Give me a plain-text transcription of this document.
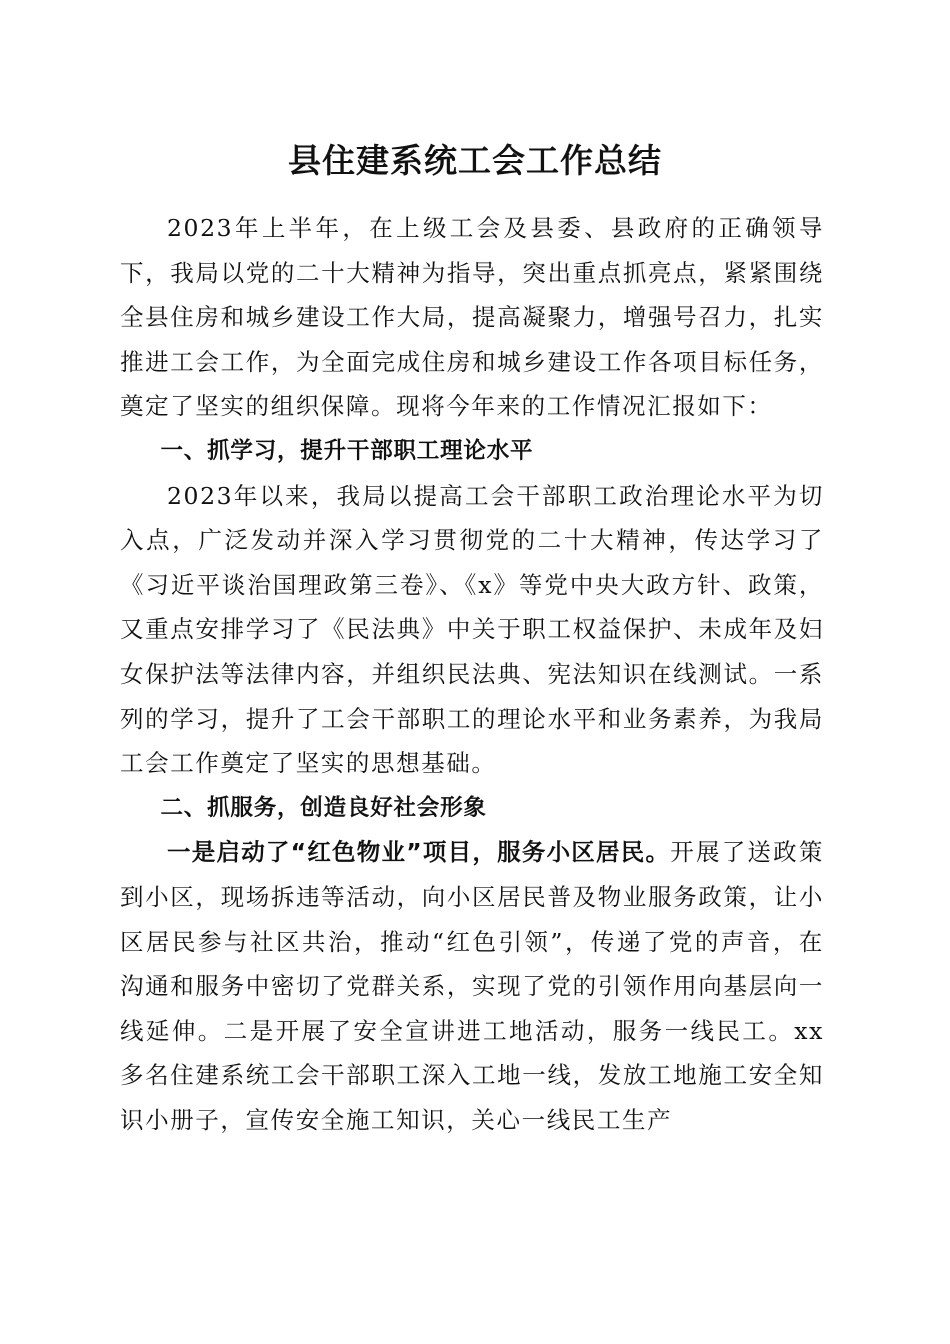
县住建系统工会工作总结

2023年上半年，在上级工会及县委、县政府的正确领导下，我局以党的二十大精神为指导，突出重点抓亮点，紧紧围绕全县住房和城乡建设工作大局，提高凝聚力，增强号召力，扎实推进工会工作，为全面完成住房和城乡建设工作各项目标任务，奠定了坚实的组织保障。现将今年来的工作情况汇报如下：

一、抓学习，提升干部职工理论水平

2023年以来，我局以提高工会干部职工政治理论水平为切入点，广泛发动并深入学习贯彻党的二十大精神，传达学习了《习近平谈治国理政第三卷》、《x》等党中央大政方针、政策，又重点安排学习了《民法典》中关于职工权益保护、未成年及妇女保护法等法律内容，并组织民法典、宪法知识在线测试。一系列的学习，提升了工会干部职工的理论水平和业务素养，为我局工会工作奠定了坚实的思想基础。

二、抓服务，创造良好社会形象

一是启动了“红色物业”项目，服务小区居民。开展了送政策到小区，现场拆违等活动，向小区居民普及物业服务政策，让小区居民参与社区共治，推动“红色引领”，传递了党的声音，在沟通和服务中密切了党群关系，实现了党的引领作用向基层向一线延伸。二是开展了安全宣讲进工地活动，服务一线民工。xx多名住建系统工会干部职工深入工地一线，发放工地施工安全知识小册子，宣传安全施工知识，关心一线民工生产
